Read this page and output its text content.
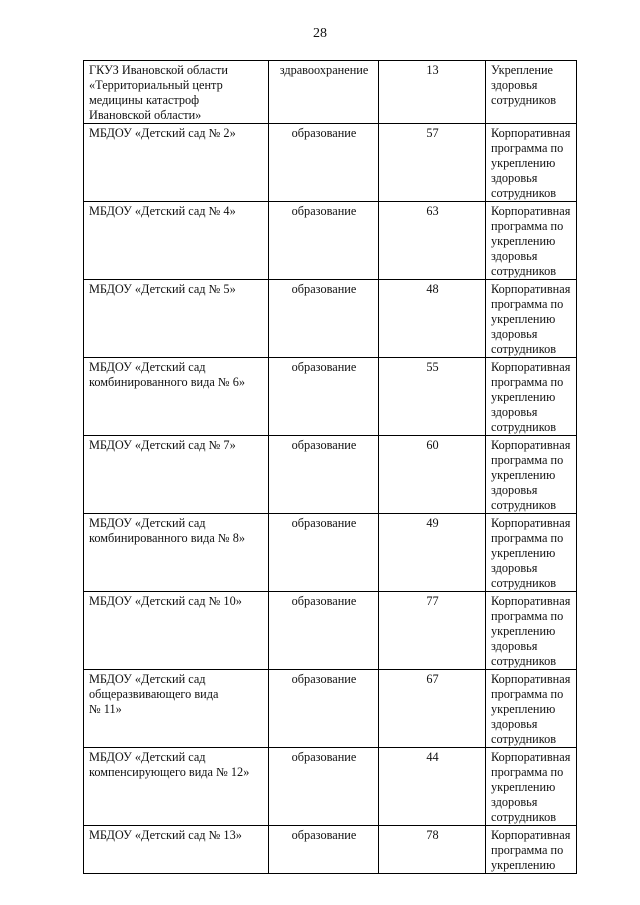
28
ГКУЗ Ивановской области
«Территориальный центр
медицины катастроф
Ивановской области»	здравоохранение	13	Укрепление
здоровья
сотрудников
МБДОУ «Детский сад № 2»	образование	57	Корпоративная
программа по
укреплению
здоровья
сотрудников
МБДОУ «Детский сад № 4»	образование	63	Корпоративная
программа по
укреплению
здоровья
сотрудников
МБДОУ «Детский сад № 5»	образование	48	Корпоративная
программа по
укреплению
здоровья
сотрудников
МБДОУ «Детский сад
комбинированного вида № 6»	образование	55	Корпоративная
программа по
укреплению
здоровья
сотрудников
МБДОУ «Детский сад № 7»	образование	60	Корпоративная
программа по
укреплению
здоровья
сотрудников
МБДОУ «Детский сад
комбинированного вида № 8»	образование	49	Корпоративная
программа по
укреплению
здоровья
сотрудников
МБДОУ «Детский сад № 10»	образование	77	Корпоративная
программа по
укреплению
здоровья
сотрудников
МБДОУ «Детский сад
общеразвивающего вида
№ 11»	образование	67	Корпоративная
программа по
укреплению
здоровья
сотрудников
МБДОУ «Детский сад
компенсирующего вида № 12»	образование	44	Корпоративная
программа по
укреплению
здоровья
сотрудников
МБДОУ «Детский сад № 13»	образование	78	Корпоративная
программа по
укреплению
